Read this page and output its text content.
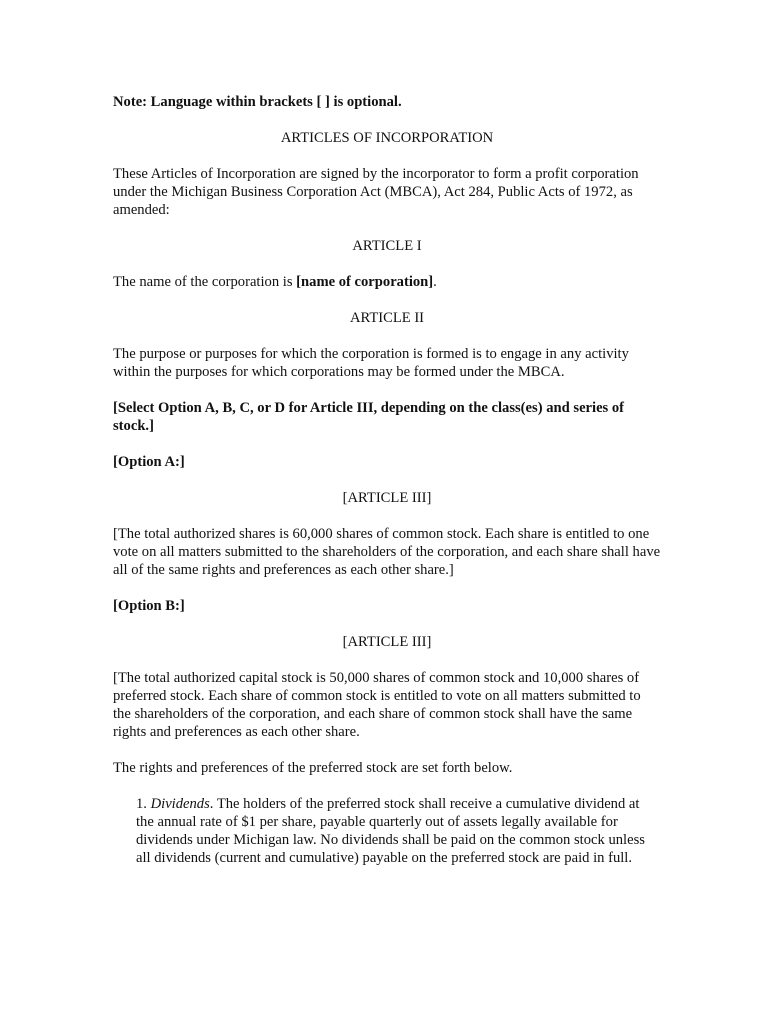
Note: Language within brackets [ ] is optional.

ARTICLES OF INCORPORATION

These Articles of Incorporation are signed by the incorporator to form a profit corporation under the Michigan Business Corporation Act (MBCA), Act 284, Public Acts of 1972, as amended:

ARTICLE I

The name of the corporation is [name of corporation].

ARTICLE II

The purpose or purposes for which the corporation is formed is to engage in any activity within the purposes for which corporations may be formed under the MBCA.

[Select Option A, B, C, or D for Article III, depending on the class(es) and series of stock.]

[Option A:]

[ARTICLE III]

[The total authorized shares is 60,000 shares of common stock. Each share is entitled to one vote on all matters submitted to the shareholders of the corporation, and each share shall have all of the same rights and preferences as each other share.]

[Option B:]

[ARTICLE III]

[The total authorized capital stock is 50,000 shares of common stock and 10,000 shares of preferred stock. Each share of common stock is entitled to vote on all matters submitted to the shareholders of the corporation, and each share of common stock shall have the same rights and preferences as each other share.

The rights and preferences of the preferred stock are set forth below.

1. Dividends. The holders of the preferred stock shall receive a cumulative dividend at the annual rate of $1 per share, payable quarterly out of assets legally available for dividends under Michigan law. No dividends shall be paid on the common stock unless all dividends (current and cumulative) payable on the preferred stock are paid in full.
